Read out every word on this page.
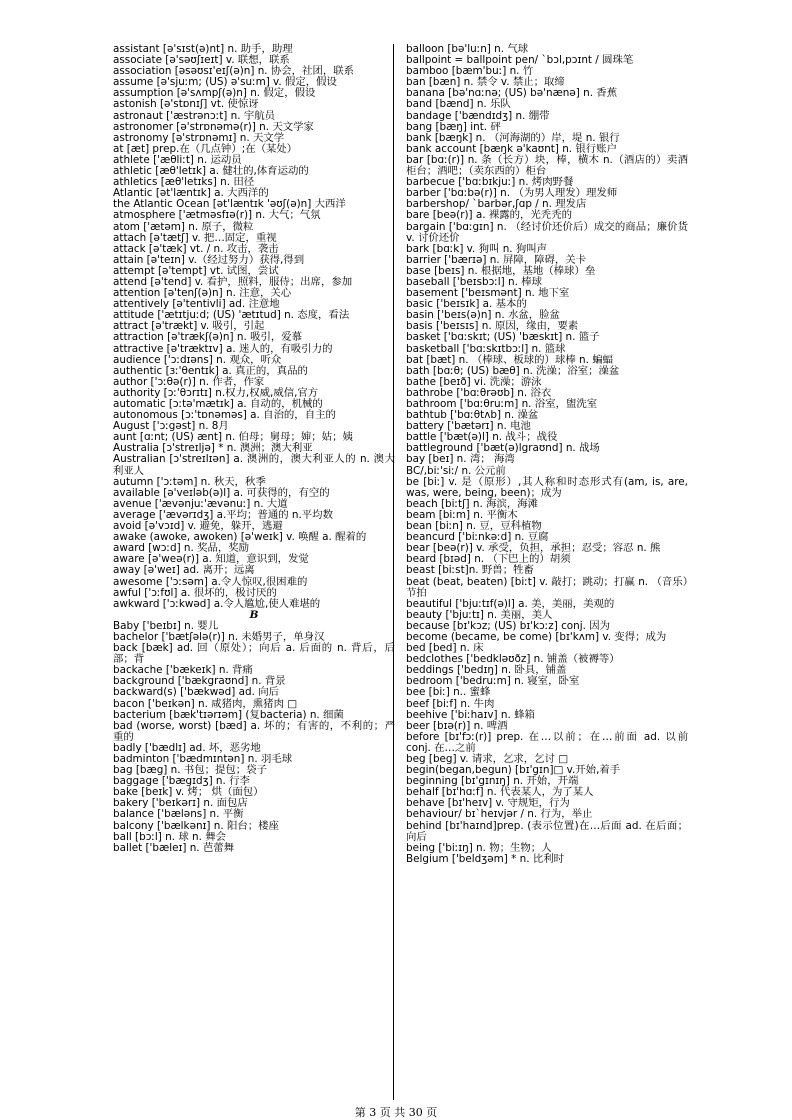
assistant [ə'sɪst(ə)nt] n. 助手，助理
associate [ə'səʊʃɪeɪt] v. 联想，联系
association [əsəʊsɪ'eɪʃ(ə)n] n. 协会，社团，联系
assume [ə'sjuːm; (US) ə'suːm] v. 假定，假设
assumption [ə'sʌmpʃ(ə)n] n. 假定，假设
astonish [ə'stɒnɪʃ] vt. 使惊讶
astronaut ['æstrənɔːt] n. 宇航员
astronomer [ə'strɒnəmə(r)] n. 天文学家
astronomy [ə'strɒnəmɪ] n. 天文学
at [æt] prep.在（几点钟）;在（某处）
athlete ['æθliːt] n. 运动员
athletic [æθ'letɪk] a. 健壮的,体育运动的
athletics [æθ'letɪks] n. 田径
Atlantic [ət'læntɪk] a. 大西洋的
the Atlantic Ocean [ət'læntɪk 'əʊʃ(ə)n] 大西洋
atmosphere ['ætməsfɪə(r)] n. 大气；气氛
atom ['ætəm] n. 原子，微粒
attach [ə'tætʃ] v. 把…固定，重视
attack [ə'tæk] vt. / n. 攻击，袭击
attain [ə'teɪn] v.（经过努力）获得,得到
attempt [ə'tempt] vt. 试图，尝试
attend [ə'tend] v. 看护，照料，服侍；出席，参加
attention [ə'tenʃ(ə)n] n. 注意，关心
attentively [ə'tentivli] ad. 注意地
attitude ['ætɪtjuːd; (US) 'ætɪtud] n. 态度，看法
attract [ə'trækt] v. 吸引，引起
attraction [ə'trækʃ(ə)n] n. 吸引，爱慕
attractive [ə'træktɪv] a. 迷人的，有吸引力的
audience ['ɔːdɪəns] n. 观众，听众
authentic [ɜː'θentɪk] a. 真正的，真品的
author ['ɔːθə(r)] n. 作者，作家
authority [ɔː'θɔrɪtɪ] n.权力,权威,威信,官方
automatic [ɔːtə'mætɪk] a. 自动的，机械的
autonomous [ɔː'tɒnəməs] a. 自治的，自主的
August ['ɔːgəst] n. 8月
aunt [ɑːnt; (US) ænt] n. 伯母；舅母；婶；姑；姨
Australia [ɔ'streɪljə] * n. 澳洲；澳大利亚
Australian [ɔ'streɪlɪən] a. 澳洲的，澳大利亚人的 n. 澳大利亚人
autumn ['ɔːtəm] n. 秋天，秋季
available [ə'veɪləb(ə)l] a. 可获得的，有空的
avenue ['ævənjuː'ævənuː] n. 大道
average ['ævərɪdʒ] a.平均；普通的 n.平均数
avoid [ə'vɔɪd] v. 避免，躲开，逃避
awake (awoke, awoken) [ə'weɪk] v. 唤醒 a. 醒着的
award [wɔːd] n. 奖品，奖励
aware [ə'weə(r)] a. 知道，意识到，发觉
away [ə'weɪ] ad. 离开；远离
awesome ['ɔːsəm] a.令人惊叹,很困难的
awful ['ɔːfʊl] a. 很坏的，极讨厌的
awkward ['ɔːkwəd] a.令人尴尬,使人难堪的
B
Baby ['beɪbɪ] n. 婴儿
bachelor ['bætʃələ(r)] n. 未婚男子，单身汉
back [bæk] ad. 回（原处）；向后 a. 后面的 n. 背后，后部；背
backache ['bækeɪk] n. 背痛
background ['bækgraʊnd] n. 背景
backward(s) ['bækwəd] ad. 向后
bacon ['beɪkən] n. 咸猪肉，熏猪肉 □
bacterium [bæk'tɪərɪəm] (复bacteria) n. 细菌
bad (worse, worst) [bæd] a. 坏的；有害的，不利的；严重的
badly ['bædlɪ] ad. 坏，恶劣地
badminton ['bædmɪntən] n. 羽毛球
bag [bæg] n. 书包；提包；袋子
baggage ['bægɪdʒ] n. 行李
bake [beɪk] v. 烤； 烘（面包）
bakery ['beɪkərɪ] n. 面包店
balance ['bæləns] n. 平衡
balcony ['bælkənɪ] n. 阳台；楼座
ball [bɔːl] n. 球 n. 舞会
ballet ['bæleɪ] n. 芭蕾舞
balloon [bə'luːn] n. 气球
ballpoint = ballpoint pen/ `bɔl,pɔɪnt / 圆珠笔
bamboo [bæm'buː] n. 竹
ban [bæn] n. 禁令 v. 禁止；取缔
banana [bə'nɑːnə; (US) bə'nænə] n. 香蕉
band [bænd] n. 乐队
bandage ['bændɪdʒ] n. 绷带
bang [bæŋ] int. 砰
bank [bæŋk] n. （河海湖的）岸，堤 n. 银行
bank account [bæŋk ə'kaʊnt] n. 银行账户
bar [bɑː(r)] n. 条（长方）块，棒，横木 n.（酒店的）卖酒柜台；酒吧；（卖东西的）柜台
barbecue ['bɑːbɪkjuː] n. 烤肉野餐
barber ['bɑːbə(r)] n. （为男人理发）理发师
barbershop/ `barbər,ʃɑp / n. 理发店
bare [beə(r)] a. 裸露的，光秃秃的
bargain ['bɑːgɪn] n. （经讨价还价后）成交的商品；廉价货 v. 讨价还价
bark [bɑːk] v. 狗叫 n. 狗叫声
barrier ['bærɪə] n. 屏障，障碍，关卡
base [beɪs] n. 根据地，基地（棒球）垒
baseball ['beɪsbɔːl] n. 棒球
basement ['beɪsmənt] n. 地下室
basic ['beɪsɪk] a. 基本的
basin ['beɪs(ə)n] n. 水盆，脸盆
basis ['beɪsɪs] n. 原因，缘由，要素
basket ['bɑːskɪt; (US) 'bæskɪt] n. 篮子
basketball ['bɑːskɪtbɔːl] n. 篮球
bat [bæt] n. （棒球、板球的）球棒 n. 蝙蝠
bath [bɑːθ; (US) bæθ] n. 洗澡；浴室；澡盆
bathe [beɪð] vi. 洗澡；游泳
bathrobe ['bɑːθrəʊb] n. 浴衣
bathroom ['bɑːθruːm] n. 浴室，盥洗室
bathtub ['bɑːθtʌb] n. 澡盆
battery ['bætərɪ] n. 电池
battle ['bæt(ə)l] n. 战斗；战役
battleground ['bæt(ə)lgraʊnd] n. 战场
bay [beɪ] n. 湾； 海湾
BC/,biː'siː/ n. 公元前
be [biː] v. 是（原形）,其人称和时态形式有(am, is, are, was, were, being, been)；成为
beach [biːtʃ] n. 海滨，海滩
beam [biːm] n. 平衡木
bean [biːn] n. 豆，豆科植物
beancurd ['biːnkəːd] n. 豆腐
bear [beə(r)] v. 承受，负担，承担；忍受；容忍 n. 熊
beard [bɪəd] n. （下巴上的）胡须
beast [biːst]n. 野兽；牲畜
beat (beat, beaten) [biːt] v. 敲打；跳动；打赢 n. （音乐）节拍
beautiful ['bjuːtɪf(ə)l] a. 美，美丽，美观的
beauty ['bjuːtɪ] n. 美丽，美人
because [bɪ'kɔz; (US) bɪ'kɔːz] conj. 因为
become (became, be come) [bɪ'kʌm] v. 变得；成为
bed [bed] n. 床
bedclothes ['bedkləʊðz] n. 铺盖（被褥等）
beddings ['bedɪŋ] n. 卧具，铺盖
bedroom ['bedruːm] n. 寝室，卧室
bee [biː] n.. 蜜蜂
beef [biːf] n. 牛肉
beehive ['biːhaɪv] n. 蜂箱
beer [bɪə(r)] n. 啤酒
before [bɪ'fɔː(r)] prep. 在…以前；在…前面 ad. 以前 conj. 在…之前
beg [beg] v. 请求，乞求，乞讨 □
begin(began,begun) [bɪ'gɪn]□ v.开始,着手
beginning [bɪ'gɪnɪŋ] n. 开始，开端
behalf [bɪ'hɑːf] n. 代表某人，为了某人
behave [bɪ'heɪv] v. 守规矩，行为
behaviour/ bɪ`heɪvjər / n. 行为，举止
behind [bɪ'haɪnd]prep. (表示位置)在…后面 ad. 在后面；向后
being ['biːɪŋ] n. 物；生物；人
Belgium ['beldʒəm] * n. 比利时
第 3 页 共 30 页
